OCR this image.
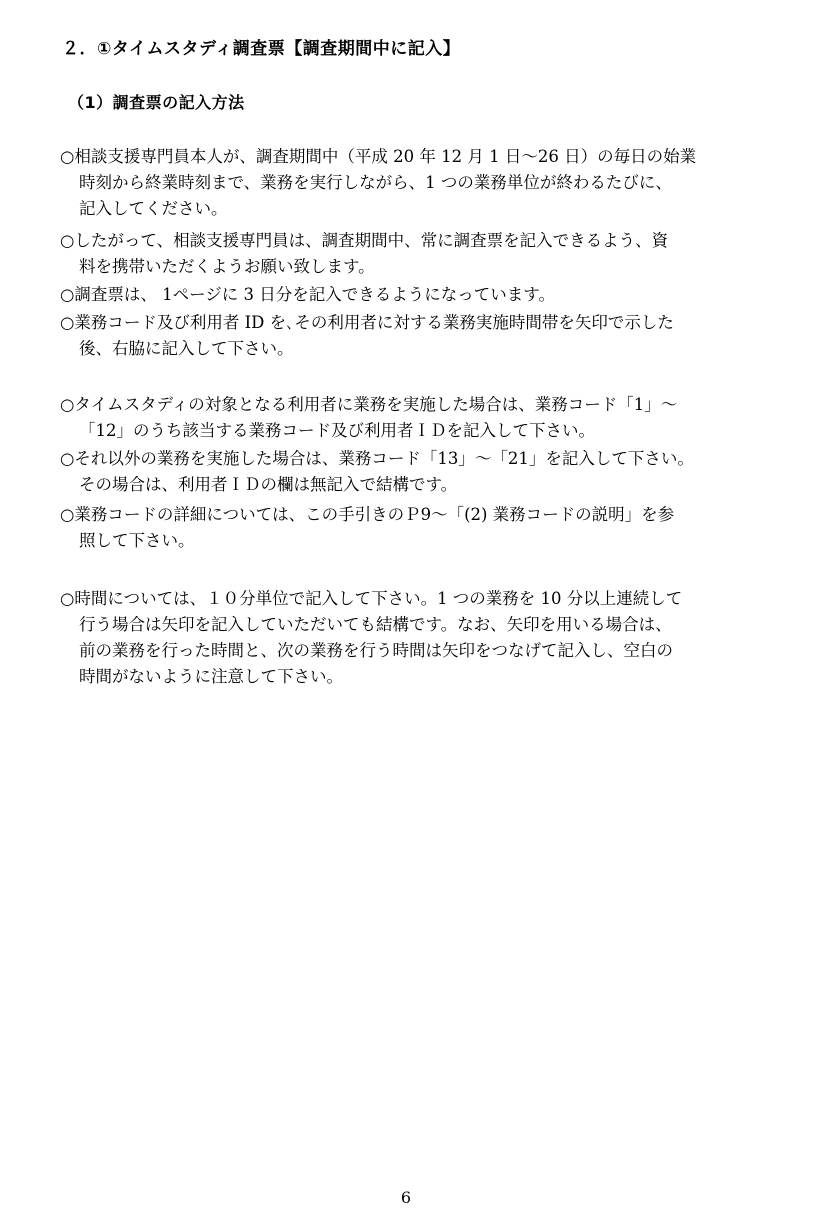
２．①タイムスタディ調査票【調査期間中に記入】
（1）調査票の記入方法
○相談支援専門員本人が、調査期間中（平成 20 年 12 月 1 日〜26 日）の毎日の始業
時刻から終業時刻まで、業務を実行しながら、1 つの業務単位が終わるたびに、
記入してください。
○したがって、相談支援専門員は、調査期間中、常に調査票を記入できるよう、資
料を携帯いただくようお願い致します。
○調査票は、 1ページに 3 日分を記入できるようになっています。
○業務コード及び利用者 ID を､その利用者に対する業務実施時間帯を矢印で示した
後、右脇に記入して下さい。
○タイムスタディの対象となる利用者に業務を実施した場合は、業務コード「1」〜
「12」のうち該当する業務コード及び利用者ＩＤを記入して下さい。
○それ以外の業務を実施した場合は、業務コード「13」〜「21」を記入して下さい。
その場合は、利用者ＩＤの欄は無記入で結構です。
○業務コードの詳細については、この手引きのＰ9〜「(2) 業務コードの説明」を参
照して下さい。
○時間については、１０分単位で記入して下さい。1 つの業務を 10 分以上連続して
行う場合は矢印を記入していただいても結構です。なお、矢印を用いる場合は、
前の業務を行った時間と、次の業務を行う時間は矢印をつなげて記入し、空白の
時間がないように注意して下さい。
6
